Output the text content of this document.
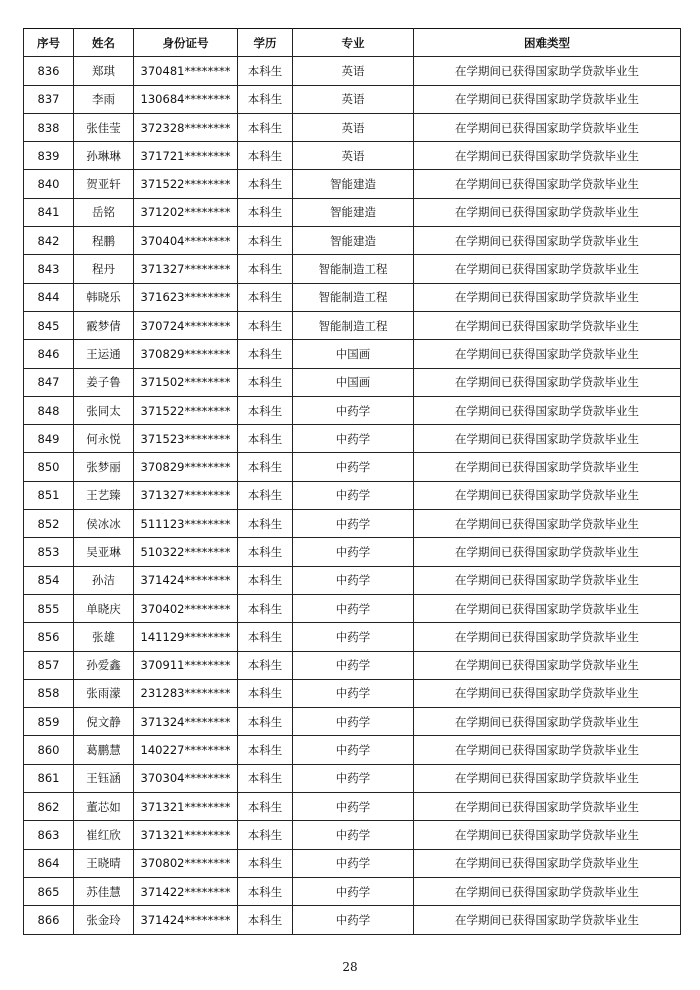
序号	姓名	身份证号	学历	专业	困难类型
836	郑琪	370481********	本科生	英语	在学期间已获得国家助学贷款毕业生
837	李雨	130684********	本科生	英语	在学期间已获得国家助学贷款毕业生
838	张佳莹	372328********	本科生	英语	在学期间已获得国家助学贷款毕业生
839	孙琳琳	371721********	本科生	英语	在学期间已获得国家助学贷款毕业生
840	贺亚轩	371522********	本科生	智能建造	在学期间已获得国家助学贷款毕业生
841	岳铭	371202********	本科生	智能建造	在学期间已获得国家助学贷款毕业生
842	程鹏	370404********	本科生	智能建造	在学期间已获得国家助学贷款毕业生
843	程丹	371327********	本科生	智能制造工程	在学期间已获得国家助学贷款毕业生
844	韩晓乐	371623********	本科生	智能制造工程	在学期间已获得国家助学贷款毕业生
845	霰梦倩	370724********	本科生	智能制造工程	在学期间已获得国家助学贷款毕业生
846	王运通	370829********	本科生	中国画	在学期间已获得国家助学贷款毕业生
847	姜子鲁	371502********	本科生	中国画	在学期间已获得国家助学贷款毕业生
848	张同太	371522********	本科生	中药学	在学期间已获得国家助学贷款毕业生
849	何永悦	371523********	本科生	中药学	在学期间已获得国家助学贷款毕业生
850	张梦丽	370829********	本科生	中药学	在学期间已获得国家助学贷款毕业生
851	王艺臻	371327********	本科生	中药学	在学期间已获得国家助学贷款毕业生
852	侯冰冰	511123********	本科生	中药学	在学期间已获得国家助学贷款毕业生
853	吴亚琳	510322********	本科生	中药学	在学期间已获得国家助学贷款毕业生
854	孙洁	371424********	本科生	中药学	在学期间已获得国家助学贷款毕业生
855	单晓庆	370402********	本科生	中药学	在学期间已获得国家助学贷款毕业生
856	张雄	141129********	本科生	中药学	在学期间已获得国家助学贷款毕业生
857	孙爱鑫	370911********	本科生	中药学	在学期间已获得国家助学贷款毕业生
858	张雨濛	231283********	本科生	中药学	在学期间已获得国家助学贷款毕业生
859	倪文静	371324********	本科生	中药学	在学期间已获得国家助学贷款毕业生
860	葛鹏慧	140227********	本科生	中药学	在学期间已获得国家助学贷款毕业生
861	王钰涵	370304********	本科生	中药学	在学期间已获得国家助学贷款毕业生
862	董芯如	371321********	本科生	中药学	在学期间已获得国家助学贷款毕业生
863	崔红欣	371321********	本科生	中药学	在学期间已获得国家助学贷款毕业生
864	王晓晴	370802********	本科生	中药学	在学期间已获得国家助学贷款毕业生
865	苏佳慧	371422********	本科生	中药学	在学期间已获得国家助学贷款毕业生
866	张金玲	371424********	本科生	中药学	在学期间已获得国家助学贷款毕业生
28
